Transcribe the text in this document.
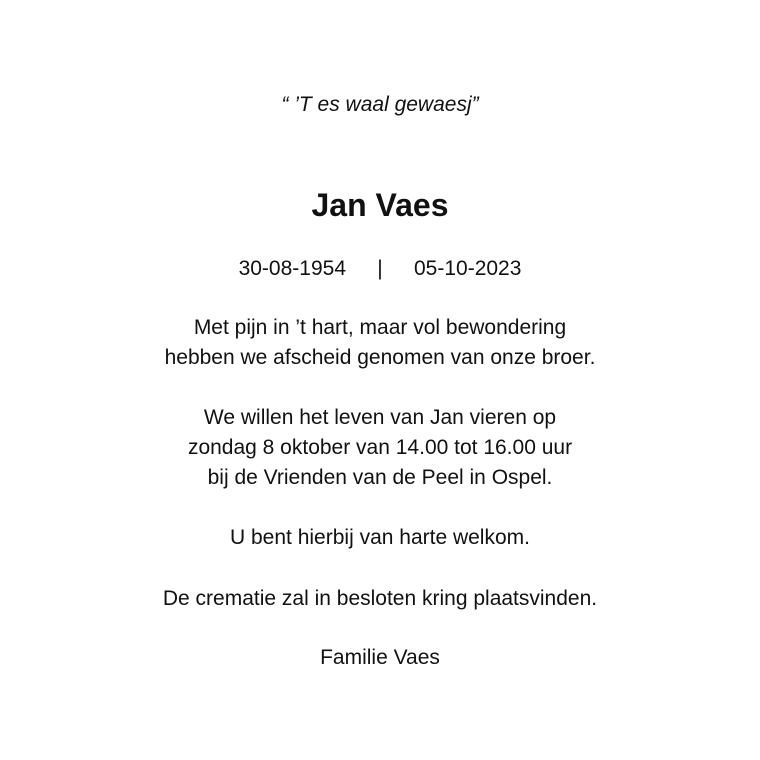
“ ’T es waal gewaesj”
Jan Vaes
30-08-1954	|	05-10-2023
Met pijn in ’t hart, maar vol bewondering
hebben we afscheid genomen van onze broer.
We willen het leven van Jan vieren op
zondag 8 oktober van 14.00 tot 16.00 uur
bij de Vrienden van de Peel in Ospel.
U bent hierbij van harte welkom.
De crematie zal in besloten kring plaatsvinden.
Familie Vaes
